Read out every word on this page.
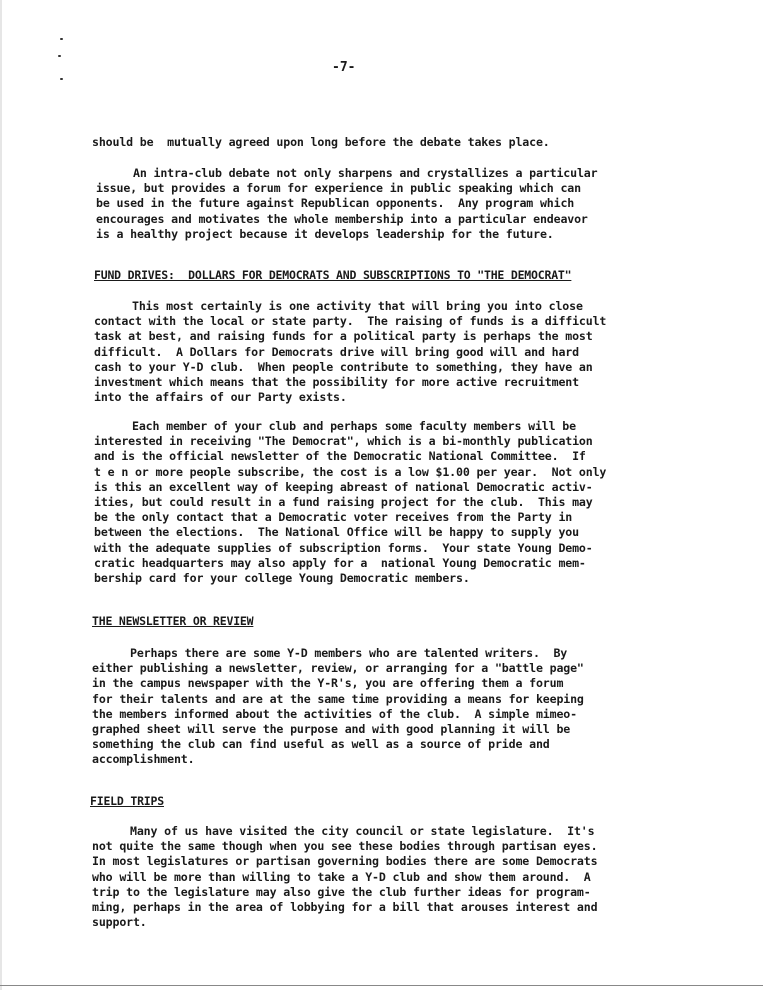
-7-

should be  mutually agreed upon long before the debate takes place.

An intra-club debate not only sharpens and crystallizes a particular

issue, but provides a forum for experience in public speaking which can

be used in the future against Republican opponents.  Any program which

encourages and motivates the whole membership into a particular endeavor

is a healthy project because it develops leadership for the future.

FUND DRIVES:  DOLLARS FOR DEMOCRATS AND SUBSCRIPTIONS TO "THE DEMOCRAT"

This most certainly is one activity that will bring you into close

contact with the local or state party.  The raising of funds is a difficult

task at best, and raising funds for a political party is perhaps the most

difficult.  A Dollars for Democrats drive will bring good will and hard

cash to your Y-D club.  When people contribute to something, they have an

investment which means that the possibility for more active recruitment

into the affairs of our Party exists.

Each member of your club and perhaps some faculty members will be

interested in receiving "The Democrat", which is a bi-monthly publication

and is the official newsletter of the Democratic National Committee.  If

t e n or more people subscribe, the cost is a low $1.00 per year.  Not only

is this an excellent way of keeping abreast of national Democratic activ-

ities, but could result in a fund raising project for the club.  This may

be the only contact that a Democratic voter receives from the Party in

between the elections.  The National Office will be happy to supply you

with the adequate supplies of subscription forms.  Your state Young Demo-

cratic headquarters may also apply for a  national Young Democratic mem-

bership card for your college Young Democratic members.

THE NEWSLETTER OR REVIEW

Perhaps there are some Y-D members who are talented writers.  By

either publishing a newsletter, review, or arranging for a "battle page"

in the campus newspaper with the Y-R's, you are offering them a forum

for their talents and are at the same time providing a means for keeping

the members informed about the activities of the club.  A simple mimeo-

graphed sheet will serve the purpose and with good planning it will be

something the club can find useful as well as a source of pride and

accomplishment.

FIELD TRIPS

Many of us have visited the city council or state legislature.  It's

not quite the same though when you see these bodies through partisan eyes.

In most legislatures or partisan governing bodies there are some Democrats

who will be more than willing to take a Y-D club and show them around.  A

trip to the legislature may also give the club further ideas for program-

ming, perhaps in the area of lobbying for a bill that arouses interest and

support.
